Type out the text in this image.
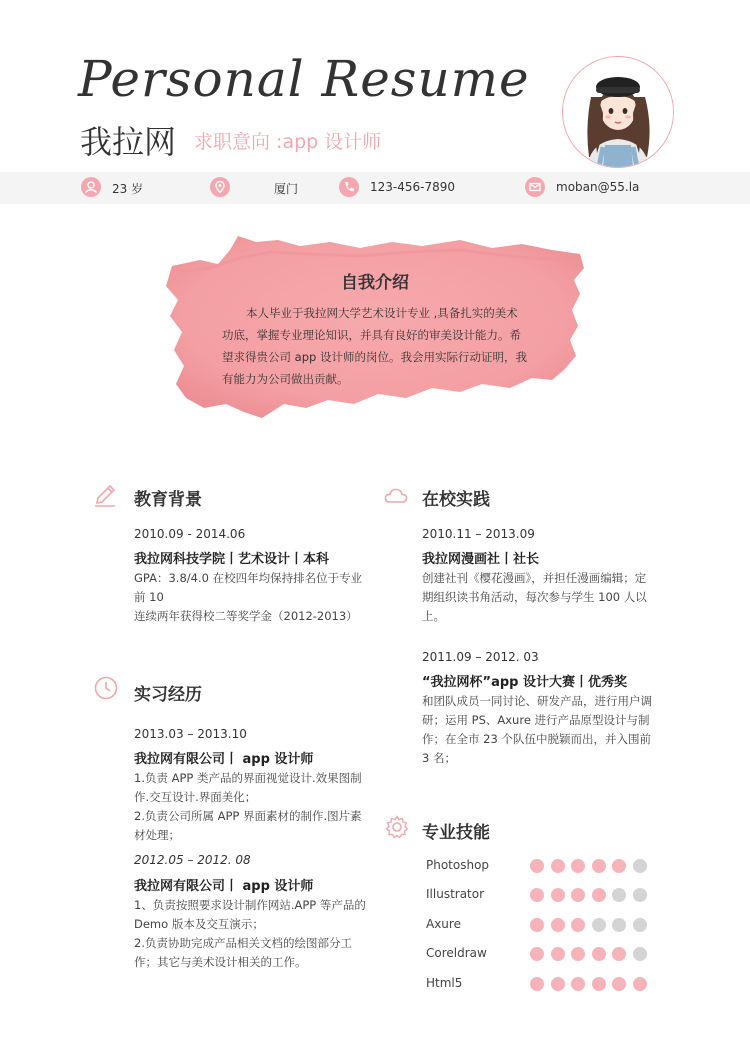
Personal Resume
我拉网 求职意向 :app 设计师
23 岁	厦门	123-456-7890	moban@55.la
自我介绍
本人毕业于我拉网大学艺术设计专业 ,具备扎实的美术功底，掌握专业理论知识，并具有良好的审美设计能力。希望求得贵公司 app 设计师的岗位。我会用实际行动证明，我有能力为公司做出贡献。
教育背景
2010.09 - 2014.06
我拉网科技学院丨艺术设计丨本科
GPA：3.8/4.0 在校四年均保持排名位于专业前 10
连续两年获得校二等奖学金（2012-2013）
实习经历
2013.03 – 2013.10
我拉网有限公司丨 app 设计师
1.负责 APP 类产品的界面视觉设计.效果图制作.交互设计.界面美化；
2.负责公司所属 APP 界面素材的制作.图片素材处理；
2012.05 – 2012. 08
我拉网有限公司丨 app 设计师
1、负责按照要求设计制作网站.APP 等产品的 Demo 版本及交互演示；
2.负责协助完成产品相关文档的绘图部分工作；其它与美术设计相关的工作。
在校实践
2010.11 – 2013.09
我拉网漫画社丨社长
创建社刊《樱花漫画》，并担任漫画编辑；定期组织读书角活动，每次参与学生 100 人以上。
2011.09 – 2012. 03
“我拉网杯”app 设计大赛丨优秀奖
和团队成员一同讨论、研发产品，进行用户调研；运用 PS、Axure 进行产品原型设计与制作；在全市 23 个队伍中脱颖而出，并入围前 3 名；
专业技能
Photoshop
Illustrator
Axure
Coreldraw
Html5
